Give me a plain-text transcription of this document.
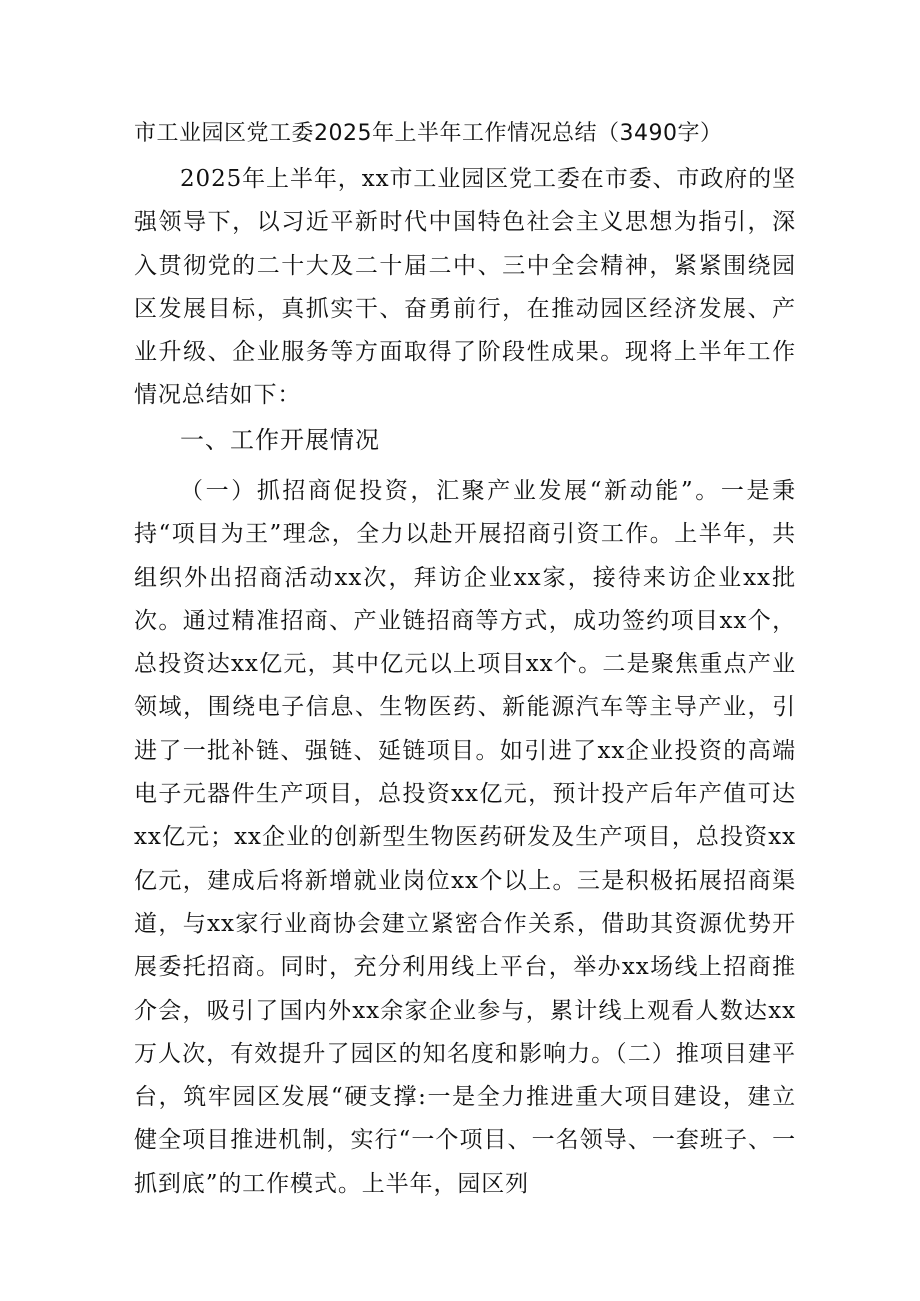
市工业园区党工委2025年上半年工作情况总结（3490字）

2025年上半年，xx市工业园区党工委在市委、市政府的坚强领导下，以习近平新时代中国特色社会主义思想为指引，深入贯彻党的二十大及二十届二中、三中全会精神，紧紧围绕园区发展目标，真抓实干、奋勇前行，在推动园区经济发展、产业升级、企业服务等方面取得了阶段性成果。现将上半年工作情况总结如下：

一、工作开展情况

（一）抓招商促投资，汇聚产业发展“新动能”。一是秉持“项目为王”理念，全力以赴开展招商引资工作。上半年，共组织外出招商活动xx次，拜访企业xx家，接待来访企业xx批次。通过精准招商、产业链招商等方式，成功签约项目xx个，总投资达xx亿元，其中亿元以上项目xx个。二是聚焦重点产业领域，围绕电子信息、生物医药、新能源汽车等主导产业，引进了一批补链、强链、延链项目。如引进了xx企业投资的高端电子元器件生产项目，总投资xx亿元，预计投产后年产值可达xx亿元；xx企业的创新型生物医药研发及生产项目，总投资xx亿元，建成后将新增就业岗位xx个以上。三是积极拓展招商渠道，与xx家行业商协会建立紧密合作关系，借助其资源优势开展委托招商。同时，充分利用线上平台，举办xx场线上招商推介会，吸引了国内外xx余家企业参与，累计线上观看人数达xx万人次，有效提升了园区的知名度和影响力。（二）推项目建平台，筑牢园区发展“硬支撑:一是全力推进重大项目建设，建立健全项目推进机制，实行“一个项目、一名领导、一套班子、一抓到底”的工作模式。上半年，园区列
